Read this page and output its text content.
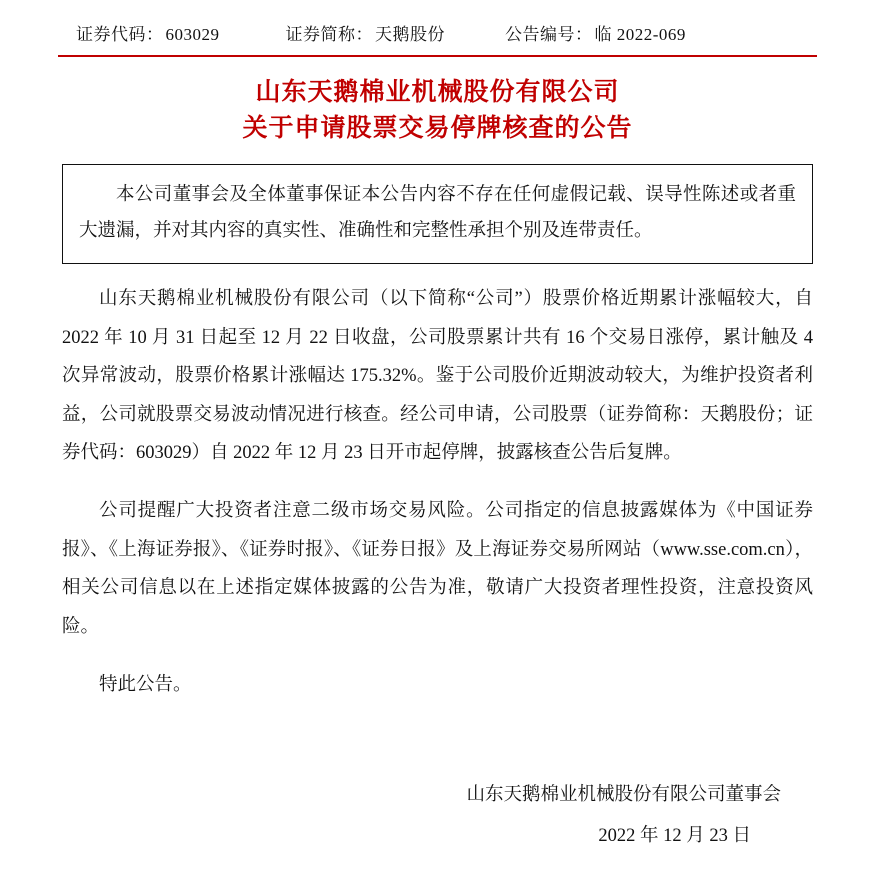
证券代码： 603029	证券简称： 天鹅股份	公告编号： 临 2022-069
山东天鹅棉业机械股份有限公司
关于申请股票交易停牌核查的公告

本公司董事会及全体董事保证本公告内容不存在任何虚假记载、误导性陈述或者重大遗漏，并对其内容的真实性、准确性和完整性承担个别及连带责任。

山东天鹅棉业机械股份有限公司（以下简称“公司”）股票价格近期累计涨幅较大，自 2022 年 10 月 31 日起至 12 月 22 日收盘，公司股票累计共有 16 个交易日涨停，累计触及 4 次异常波动，股票价格累计涨幅达 175.32%。鉴于公司股价近期波动较大，为维护投资者利益，公司就股票交易波动情况进行核查。经公司申请，公司股票（证券简称：天鹅股份；证券代码：603029）自 2022 年 12 月 23 日开市起停牌，披露核查公告后复牌。

公司提醒广大投资者注意二级市场交易风险。公司指定的信息披露媒体为《中国证券报》、《上海证券报》、《证券时报》、《证券日报》及上海证券交易所网站（www.sse.com.cn），相关公司信息以在上述指定媒体披露的公告为准，敬请广大投资者理性投资，注意投资风险。

特此公告。

山东天鹅棉业机械股份有限公司董事会
2022 年 12 月 23 日
